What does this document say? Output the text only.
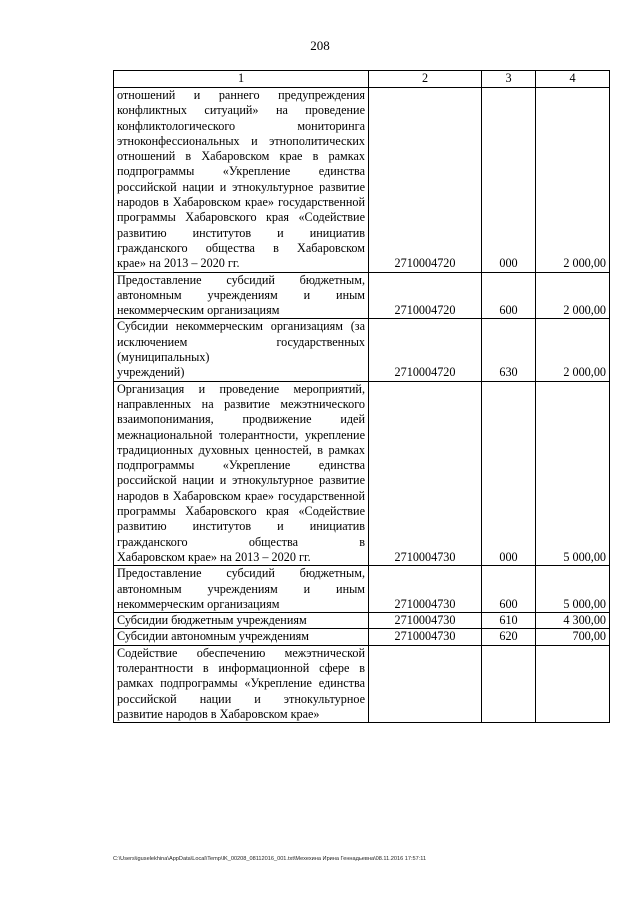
208
1	2	3	4
отношений и раннего предупреждения конфликтных ситуаций» на проведение конфликтологического мониторинга этноконфессиональных и этнополитических отношений в Хабаровском крае в рамках подпрограммы «Укрепление единства российской нации и этнокультурное развитие народов в Хабаровском крае» государственной программы Хабаровского края «Содействие развитию институтов и инициатив гражданского общества в Хабаровском
крае» на 2013 – 2020 гг.	2710004720	000	2 000,00
Предоставление субсидий бюджетным, автономным учреждениям и иным
некоммерческим организациям	2710004720	600	2 000,00
Субсидии некоммерческим организациям (за исключением государственных (муниципальных)
учреждений)	2710004720	630	2 000,00
Организация и проведение мероприятий, направленных на развитие межэтнического взаимопонимания, продвижение идей межнациональной толерантности, укрепление традиционных духовных ценностей, в рамках подпрограммы «Укрепление единства российской нации и этнокультурное развитие народов в Хабаровском крае» государственной программы Хабаровского края «Содействие развитию институтов и инициатив гражданского общества в
Хабаровском крае» на 2013 – 2020 гг.	2710004730	000	5 000,00
Предоставление субсидий бюджетным, автономным учреждениям и иным
некоммерческим организациям	2710004730	600	5 000,00

Субсидии бюджетным учреждениям	2710004730	610	4 300,00

Субсидии автономным учреждениям	2710004730	620	700,00
Содействие обеспечению межэтнической толерантности в информационной сфере в рамках подпрограммы «Укрепление единства российской нации и этнокультурное
развитие народов в Хабаровском крае»			

C:\Users\iguselekhina\AppData\Local\Temp\IK_00208_08112016_001.txt\Мехехина Ирина Геннадьевна\08.11.2016 17:57:11
